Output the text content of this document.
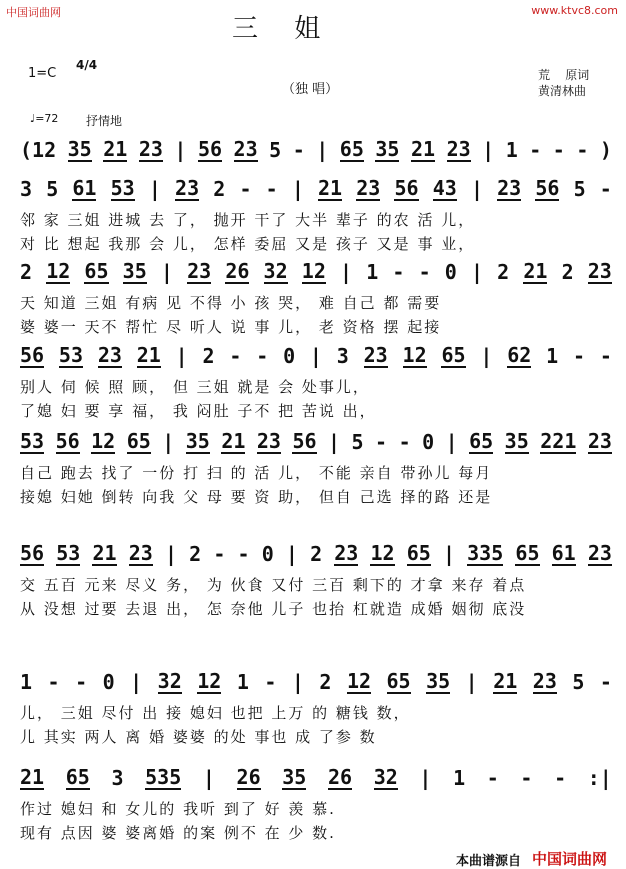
中国词曲网	www.ktvc8.com
三 姐
1=C
4/4
（独 唱）
荒    原词
黄清林曲
♩=72 抒情地
(12 35 21 23 | 56 23 5 - | 65 35 21 23 | 1 - - - )
3 5 61 53 | 23 2 - - | 21 23 56 43 | 23 56 5 -
邻 家 三姐 进城 去 了， 抛开 干了 大半 辈子 的农 活 儿，
对 比 想起 我那 会 儿， 怎样 委屈 又是 孩子 又是 事 业，
2 12 65 35 | 23 26 32 12 | 1 - - 0 | 2 21 2 23
天 知道 三姐 有病 见 不得 小 孩 哭， 难 自己 都 需要
婆 婆一 天不 帮忙 尽 听人 说 事 儿， 老 资格 摆 起接
56 53 23 21 | 2 - - 0 | 3 23 12 65 | 62 1 - -
别人 伺 候 照 顾， 但 三姐 就是 会 处事儿，
了媳 妇 要 享 福， 我 闷肚 子不 把 苦说 出，
53 56 12 65 | 35 21 23 56 | 5 - - 0 | 65 35 221 23
自己 跑去 找了 一份 打 扫 的 活 儿， 不能 亲自 带孙儿 每月
接媳 妇她 倒转 向我 父 母 要 资 助， 但自 己选 择的路 还是
56 53 21 23 | 2 - - 0 | 2 23 12 65 | 335 65 61 23
交 五百 元来 尽义 务， 为 伙食 又付 三百 剩下的 才拿 来存 着点
从 没想 过要 去退 出， 怎 奈他 儿子 也抬 杠就造 成婚 姻彻 底没
1 - - 0 | 32 12 1 - | 2 12 65 35 | 21 23 5 -
儿， 三姐 尽付 出 接 媳妇 也把 上万 的 糖钱 数，
儿 其实 两人 离 婚 婆婆 的处 事也 成 了参 数
21 65 3 535 | 26 35 26 32 | 1 - - - :|
作过 媳妇 和 女儿的 我听 到了 好 羡 慕.
现有 点因 婆 婆离婚 的案 例不 在 少 数.
本曲谱源自 中国词曲网
